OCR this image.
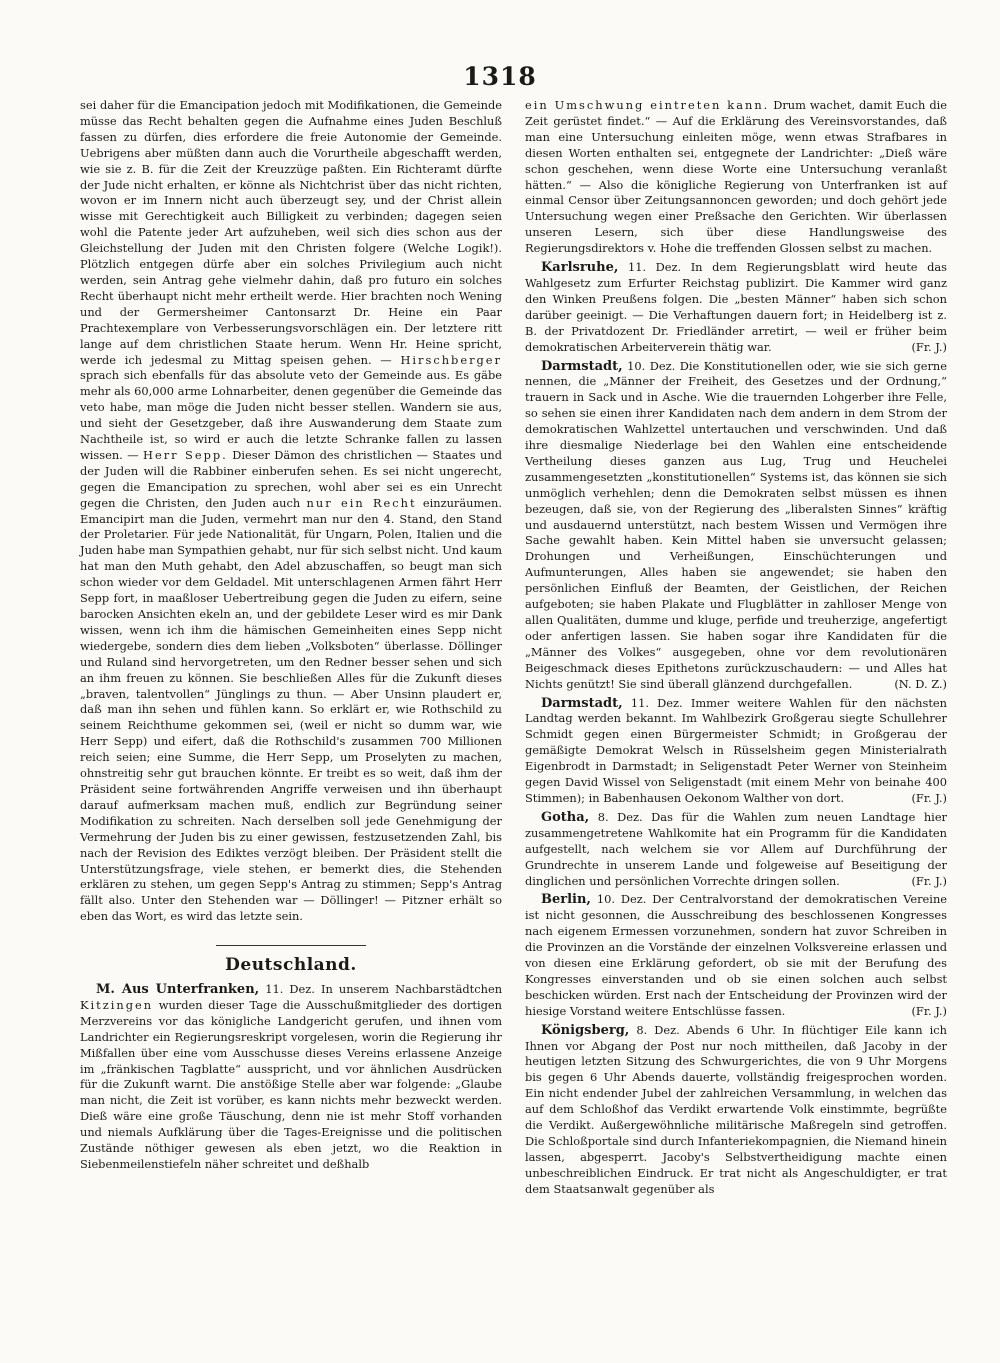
1318

sei daher für die Emancipation jedoch mit Modifikationen, die Gemeinde müsse das Recht behalten gegen die Aufnahme eines Juden Beschluß fassen zu dürfen, dies erfordere die freie Autonomie der Gemeinde. Uebrigens aber müßten dann auch die Vorurtheile abgeschafft werden, wie sie z. B. für die Zeit der Kreuzzüge paßten. Ein Richteramt dürfte der Jude nicht erhalten, er könne als Nichtchrist über das nicht richten, wovon er im Innern nicht auch überzeugt sey, und der Christ allein wisse mit Gerechtigkeit auch Billigkeit zu verbinden; dagegen seien wohl die Patente jeder Art aufzuheben, weil sich dies schon aus der Gleichstellung der Juden mit den Christen folgere (Welche Logik!). Plötzlich entgegen dürfe aber ein solches Privilegium auch nicht werden, sein Antrag gehe vielmehr dahin, daß pro futuro ein solches Recht überhaupt nicht mehr ertheilt werde. Hier brachten noch Wening und der Germersheimer Cantonsarzt Dr. Heine ein Paar Prachtexemplare von Verbesserungsvorschlägen ein. Der letztere ritt lange auf dem christlichen Staate herum. Wenn Hr. Heine spricht, werde ich jedesmal zu Mittag speisen gehen. — Hirschberger sprach sich ebenfalls für das absolute veto der Gemeinde aus. Es gäbe mehr als 60,000 arme Lohnarbeiter, denen gegenüber die Gemeinde das veto habe, man möge die Juden nicht besser stellen. Wandern sie aus, und sieht der Gesetzgeber, daß ihre Auswanderung dem Staate zum Nachtheile ist, so wird er auch die letzte Schranke fallen zu lassen wissen. — Herr Sepp. Dieser Dämon des christlichen — Staates und der Juden will die Rabbiner einberufen sehen. Es sei nicht ungerecht, gegen die Emancipation zu sprechen, wohl aber sei es ein Unrecht gegen die Christen, den Juden auch nur ein Recht einzuräumen. Emancipirt man die Juden, vermehrt man nur den 4. Stand, den Stand der Proletarier. Für jede Nationalität, für Ungarn, Polen, Italien und die Juden habe man Sympathien gehabt, nur für sich selbst nicht. Und kaum hat man den Muth gehabt, den Adel abzuschaffen, so beugt man sich schon wieder vor dem Geldadel. Mit unterschlagenen Armen fährt Herr Sepp fort, in maaßloser Uebertreibung gegen die Juden zu eifern, seine barocken Ansichten ekeln an, und der gebildete Leser wird es mir Dank wissen, wenn ich ihm die hämischen Gemeinheiten eines Sepp nicht wiedergebe, sondern dies dem lieben „Volksboten“ überlasse. Döllinger und Ruland sind hervorgetreten, um den Redner besser sehen und sich an ihm freuen zu können. Sie beschließen Alles für die Zukunft dieses „braven, talentvollen“ Jünglings zu thun. — Aber Unsinn plaudert er, daß man ihn sehen und fühlen kann. So erklärt er, wie Rothschild zu seinem Reichthume gekommen sei, (weil er nicht so dumm war, wie Herr Sepp) und eifert, daß die Rothschild's zusammen 700 Millionen reich seien; eine Summe, die Herr Sepp, um Proselyten zu machen, ohnstreitig sehr gut brauchen könnte. Er treibt es so weit, daß ihm der Präsident seine fortwährenden Angriffe verweisen und ihn überhaupt darauf aufmerksam machen muß, endlich zur Begründung seiner Modifikation zu schreiten. Nach derselben soll jede Genehmigung der Vermehrung der Juden bis zu einer gewissen, festzusetzenden Zahl, bis nach der Revision des Ediktes verzögt bleiben. Der Präsident stellt die Unterstützungsfrage, viele stehen, er bemerkt dies, die Stehenden erklären zu stehen, um gegen Sepp's Antrag zu stimmen; Sepp's Antrag fällt also. Unter den Stehenden war — Döllinger! — Pitzner erhält so eben das Wort, es wird das letzte sein.

Deutschland.

M. Aus Unterfranken, 11. Dez. In unserem Nachbarstädtchen Kitzingen wurden dieser Tage die Ausschußmitglieder des dortigen Merzvereins vor das königliche Landgericht gerufen, und ihnen vom Landrichter ein Regierungsreskript vorgelesen, worin die Regierung ihr Mißfallen über eine vom Ausschusse dieses Vereins erlassene Anzeige im „fränkischen Tagblatte“ ausspricht, und vor ähnlichen Ausdrücken für die Zukunft warnt. Die anstößige Stelle aber war folgende: „Glaube man nicht, die Zeit ist vorüber, es kann nichts mehr bezweckt werden. Dieß wäre eine große Täuschung, denn nie ist mehr Stoff vorhanden und niemals Aufklärung über die Tages-Ereignisse und die politischen Zustände nöthiger gewesen als eben jetzt, wo die Reaktion in Siebenmeilenstiefeln näher schreitet und deßhalb

ein Umschwung eintreten kann. Drum wachet, damit Euch die Zeit gerüstet findet.“ — Auf die Erklärung des Vereinsvorstandes, daß man eine Untersuchung einleiten möge, wenn etwas Strafbares in diesen Worten enthalten sei, entgegnete der Landrichter: „Dieß wäre schon geschehen, wenn diese Worte eine Untersuchung veranlaßt hätten.“ — Also die königliche Regierung von Unterfranken ist auf einmal Censor über Zeitungsannoncen geworden; und doch gehört jede Untersuchung wegen einer Preßsache den Gerichten. Wir überlassen unseren Lesern, sich über diese Handlungsweise des Regierungsdirektors v. Hohe die treffenden Glossen selbst zu machen.

Karlsruhe, 11. Dez. In dem Regierungsblatt wird heute das Wahlgesetz zum Erfurter Reichstag publizirt. Die Kammer wird ganz den Winken Preußens folgen. Die „besten Männer“ haben sich schon darüber geeinigt. — Die Verhaftungen dauern fort; in Heidelberg ist z. B. der Privatdozent Dr. Friedländer arretirt, — weil er früher beim demokratischen Arbeiterverein thätig war.	(Fr. J.)

Darmstadt, 10. Dez. Die Konstitutionellen oder, wie sie sich gerne nennen, die „Männer der Freiheit, des Gesetzes und der Ordnung,“ trauern in Sack und in Asche. Wie die trauernden Lohgerber ihre Felle, so sehen sie einen ihrer Kandidaten nach dem andern in dem Strom der demokratischen Wahlzettel untertauchen und verschwinden. Und daß ihre diesmalige Niederlage bei den Wahlen eine entscheidende Vertheilung dieses ganzen aus Lug, Trug und Heuchelei zusammengesetzten „konstitutionellen“ Systems ist, das können sie sich unmöglich verhehlen; denn die Demokraten selbst müssen es ihnen bezeugen, daß sie, von der Regierung des „liberalsten Sinnes“ kräftig und ausdauernd unterstützt, nach bestem Wissen und Vermögen ihre Sache gewahlt haben. Kein Mittel haben sie unversucht gelassen; Drohungen und Verheißungen, Einschüchterungen und Aufmunterungen, Alles haben sie angewendet; sie haben den persönlichen Einfluß der Beamten, der Geistlichen, der Reichen aufgeboten; sie haben Plakate und Flugblätter in zahlloser Menge von allen Qualitäten, dumme und kluge, perfide und treuherzige, angefertigt oder anfertigen lassen. Sie haben sogar ihre Kandidaten für die „Männer des Volkes“ ausgegeben, ohne vor dem revolutionären Beigeschmack dieses Epithetons zurückzuschaudern: — und Alles hat Nichts genützt! Sie sind überall glänzend durchgefallen.	(N. D. Z.)

Darmstadt, 11. Dez. Immer weitere Wahlen für den nächsten Landtag werden bekannt. Im Wahlbezirk Großgerau siegte Schullehrer Schmidt gegen einen Bürgermeister Schmidt; in Großgerau der gemäßigte Demokrat Welsch in Rüsselsheim gegen Ministerialrath Eigenbrodt in Darmstadt; in Seligenstadt Peter Werner von Steinheim gegen David Wissel von Seligenstadt (mit einem Mehr von beinahe 400 Stimmen); in Babenhausen Oekonom Walther von dort.	(Fr. J.)

Gotha, 8. Dez. Das für die Wahlen zum neuen Landtage hier zusammengetretene Wahlkomite hat ein Programm für die Kandidaten aufgestellt, nach welchem sie vor Allem auf Durchführung der Grundrechte in unserem Lande und folgeweise auf Beseitigung der dinglichen und persönlichen Vorrechte dringen sollen.	(Fr. J.)

Berlin, 10. Dez. Der Centralvorstand der demokratischen Vereine ist nicht gesonnen, die Ausschreibung des beschlossenen Kongresses nach eigenem Ermessen vorzunehmen, sondern hat zuvor Schreiben in die Provinzen an die Vorstände der einzelnen Volksvereine erlassen und von diesen eine Erklärung gefordert, ob sie mit der Berufung des Kongresses einverstanden und ob sie einen solchen auch selbst beschicken würden. Erst nach der Entscheidung der Provinzen wird der hiesige Vorstand weitere Entschlüsse fassen.	(Fr. J.)

Königsberg, 8. Dez. Abends 6 Uhr. In flüchtiger Eile kann ich Ihnen vor Abgang der Post nur noch mittheilen, daß Jacoby in der heutigen letzten Sitzung des Schwurgerichtes, die von 9 Uhr Morgens bis gegen 6 Uhr Abends dauerte, vollständig freigesprochen worden. Ein nicht endender Jubel der zahlreichen Versammlung, in welchen das auf dem Schloßhof das Verdikt erwartende Volk einstimmte, begrüßte die Verdikt. Außergewöhnliche militärische Maßregeln sind getroffen. Die Schloßportale sind durch Infanteriekompagnien, die Niemand hinein lassen, abgesperrt. Jacoby's Selbstvertheidigung machte einen unbeschreiblichen Eindruck. Er trat nicht als Angeschuldigter, er trat dem Staatsanwalt gegenüber als
